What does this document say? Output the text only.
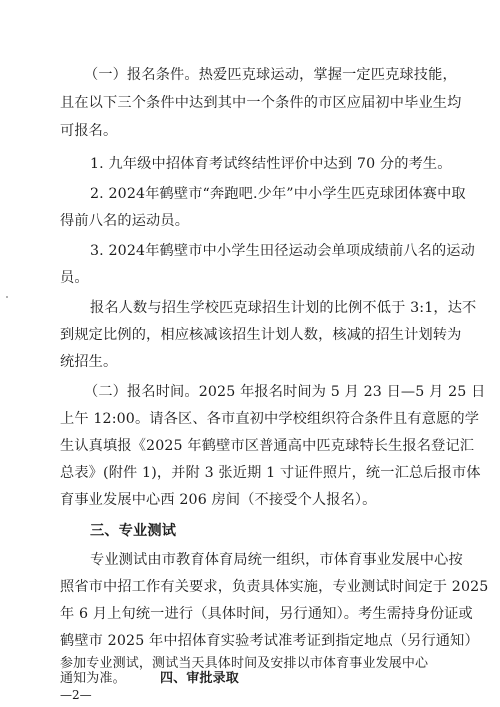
（一）报名条件。热爱匹克球运动，掌握一定匹克球技能，
且在以下三个条件中达到其中一个条件的市区应届初中毕业生均
可报名。
1. 九年级中招体育考试终结性评价中达到 70 分的考生。
2. 2024年鹤壁市“奔跑吧.少年”中小学生匹克球团体赛中取
得前八名的运动员。
3. 2024年鹤壁市中小学生田径运动会单项成绩前八名的运动
员。
报名人数与招生学校匹克球招生计划的比例不低于 3:1，达不
到规定比例的，相应核减该招生计划人数，核减的招生计划转为
统招生。
（二）报名时间。2025 年报名时间为 5 月 23 日—5 月 25 日
上午 12:00。请各区、各市直初中学校组织符合条件且有意愿的学
生认真填报《2025 年鹤壁市区普通高中匹克球特长生报名登记汇
总表》(附件 1)，并附 3 张近期 1 寸证件照片，统一汇总后报市体
育事业发展中心西 206 房间（不接受个人报名）。
三、专业测试
专业测试由市教育体育局统一组织，市体育事业发展中心按
照省市中招工作有关要求，负责具体实施，专业测试时间定于 2025
年 6 月上旬统一进行（具体时间，另行通知）。考生需持身份证或
鹤壁市 2025 年中招体育实验考试准考证到指定地点（另行通知）
—2—
参加专业测试，测试当天具体时间及安排以市体育事业发展中心
通知为准。	四、审批录取
